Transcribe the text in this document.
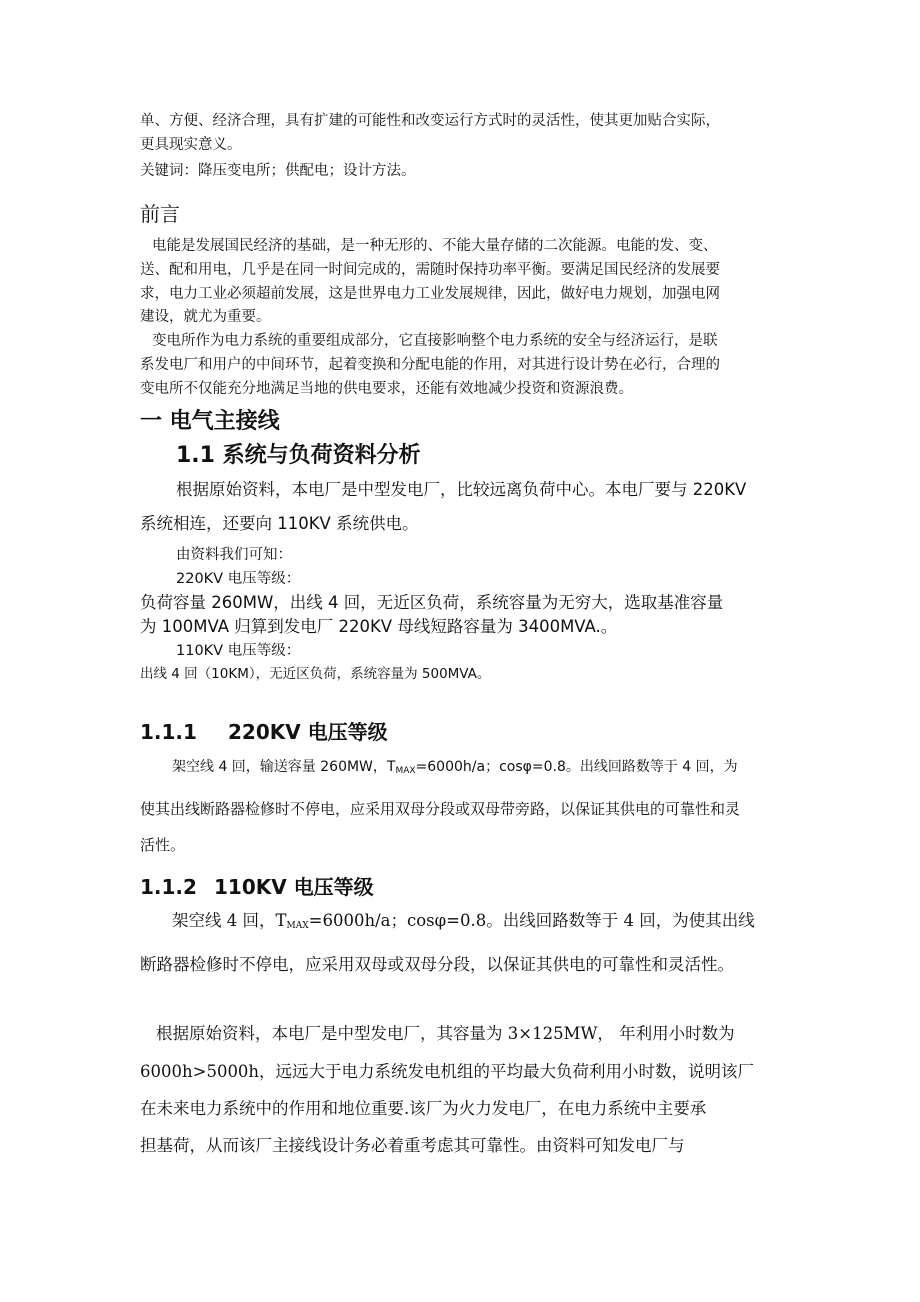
单、方便、经济合理，具有扩建的可能性和改变运行方式时的灵活性，使其更加贴合实际，
更具现实意义。
关键词：降压变电所；供配电；设计方法。
前言
电能是发展国民经济的基础，是一种无形的、不能大量存储的二次能源。电能的发、变、
送、配和用电，几乎是在同一时间完成的，需随时保持功率平衡。要满足国民经济的发展要
求，电力工业必须超前发展，这是世界电力工业发展规律，因此，做好电力规划，加强电网
建设，就尤为重要。
变电所作为电力系统的重要组成部分，它直接影响整个电力系统的安全与经济运行，是联
系发电厂和用户的中间环节，起着变换和分配电能的作用，对其进行设计势在必行，合理的
变电所不仅能充分地满足当地的供电要求，还能有效地减少投资和资源浪费。
一 电气主接线
1.1 系统与负荷资料分析
根据原始资料，本电厂是中型发电厂，比较远离负荷中心。本电厂要与 220KV
系统相连，还要向 110KV 系统供电。
由资料我们可知：
220KV 电压等级：
负荷容量 260MW，出线 4 回，无近区负荷，系统容量为无穷大，选取基准容量
为 100MVA 归算到发电厂 220KV 母线短路容量为 3400MVA.。
110KV 电压等级：
出线 4 回（10KM），无近区负荷，系统容量为 500MVA。
1.1.1 220KV 电压等级
架空线 4 回，输送容量 260MW，$T_{MAX}=6000h/a$；cosφ=0.8。出线回路数等于 4 回，为
使其出线断路器检修时不停电，应采用双母分段或双母带旁路，以保证其供电的可靠性和灵
活性。
1.1.2 110KV 电压等级
架空线 4 回，$T_{MAX}=6000h/a$；cosφ=0.8。出线回路数等于 4 回，为使其出线
断路器检修时不停电，应采用双母或双母分段，以保证其供电的可靠性和灵活性。
根据原始资料，本电厂是中型发电厂，其容量为 3×125MW， 年利用小时数为
6000h>5000h，远远大于电力系统发电机组的平均最大负荷利用小时数，说明该厂
在未来电力系统中的作用和地位重要.该厂为火力发电厂，在电力系统中主要承
担基荷，从而该厂主接线设计务必着重考虑其可靠性。由资料可知发电厂与
